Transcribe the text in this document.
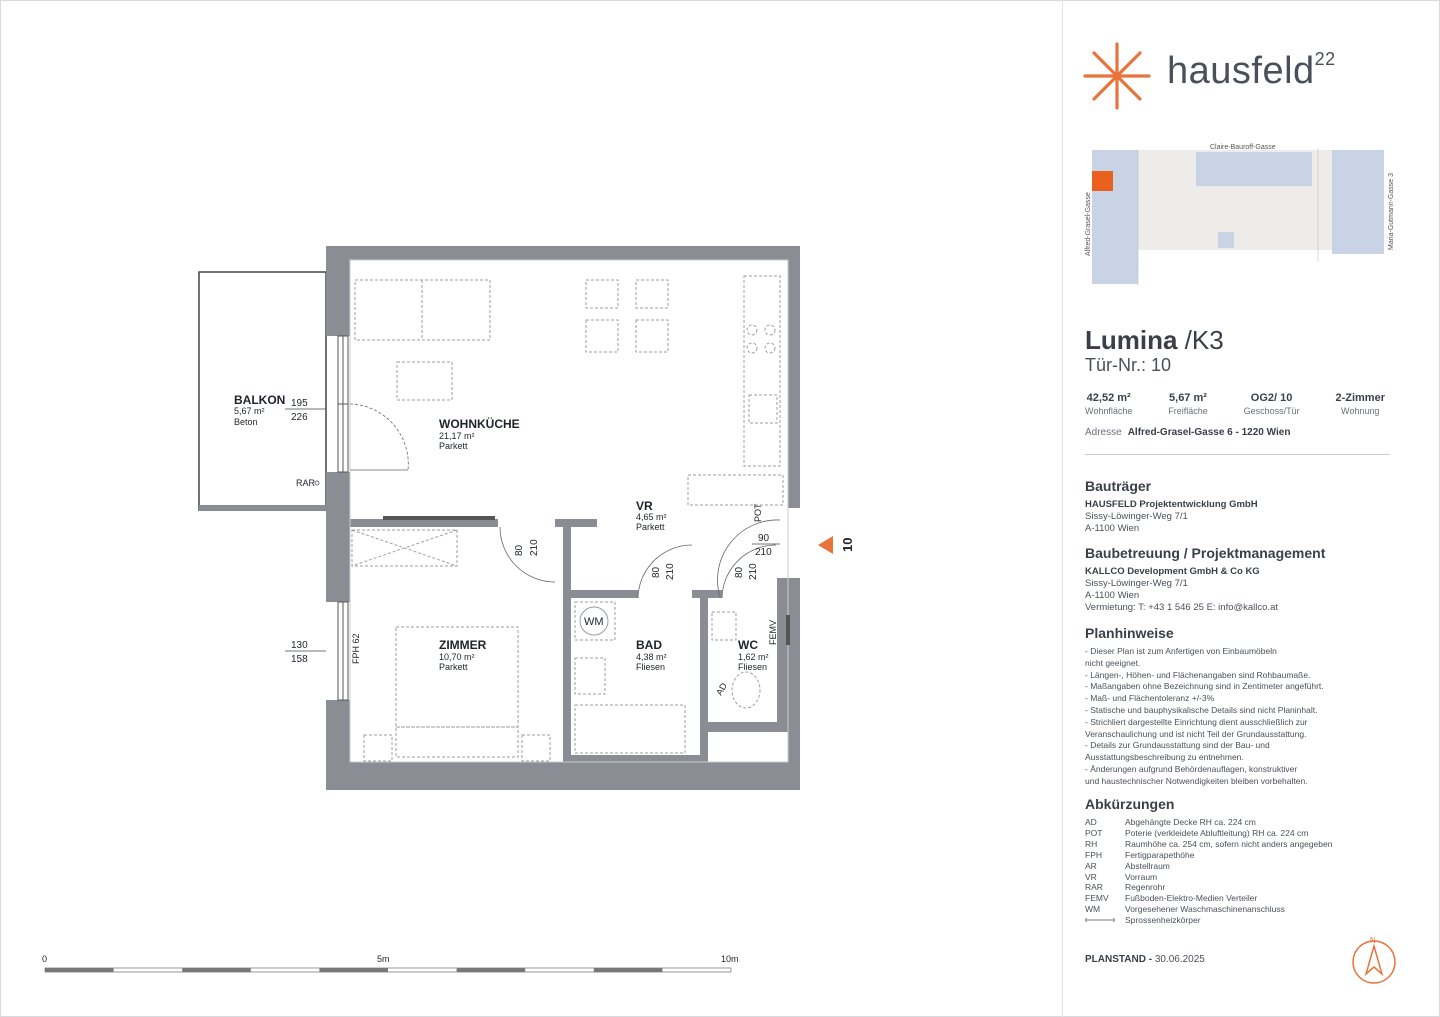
BALKON
5,67 m²
Beton	WOHNKÜCHE
21,17 m²
Parkett
VR
4,65 m²
Parkett
ZIMMER
10,70 m²
Parkett
BAD
4,38 m²
Fliesen
WC
1,62 m²
Fliesen
195
226
130
158
80 210
80 210	80 210
90
210
RAR
POT
FPH 62
FEMV
AD
WM
10
0	5m	10m
hausfeld$^{22}$
Claire-Bauroff-Gasse
Alfred-Grasel-Gasse	Maria-Gutmann-Gasse 3
Lumina /K3
Tür-Nr.: 10
42,52 m²
Wohnfläche
5,67 m²
Freifläche
OG2/ 10
Geschoss/Tür
2-Zimmer
Wohnung
Adresse Alfred-Grasel-Gasse 6 - 1220 Wien
Bauträger
HAUSFELD Projektentwicklung GmbH
Sissy-Löwinger-Weg 7/1
A-1100 Wien
Baubetreuung / Projektmanagement
KALLCO Development GmbH & Co KG
Sissy-Löwinger-Weg 7/1
A-1100 Wien
Vermietung: T: +43 1 546 25 E: info@kallco.at
Planhinweise
- Dieser Plan ist zum Anfertigen von Einbaumöbeln
nicht geeignet.
- Längen-, Höhen- und Flächenangaben sind Rohbaumaße.
- Maßangaben ohne Bezeichnung sind in Zentimeter angeführt.
- Maß- und Flächentoleranz +/-3%
- Statische und bauphysikalische Details sind nicht Planinhalt.
- Strichliert dargestellte Einrichtung dient ausschließlich zur
Veranschaulichung und ist nicht Teil der Grundausstattung.
- Details zur Grundausstattung sind der Bau- und
Ausstattungsbeschreibung zu entnehmen.
- Änderungen aufgrund Behördenauflagen, konstruktiver
und haustechnischer Notwendigkeiten bleiben vorbehalten.
Abkürzungen
AD	Abgehängte Decke RH ca. 224 cm
POT	Poterie (verkleidete Abluftleitung) RH ca. 224 cm
RH	Raumhöhe ca. 254 cm, sofern nicht anders angegeben
FPH	Fertigparapethöhe
AR	Abstellraum
VR	Vorraum
RAR	Regenrohr
FEMV	Fußboden-Elektro-Medien Verteiler
WM	Vorgesehener Waschmaschinenanschluss
Sprossenheizkörper
PLANSTAND - 30.06.2025
N
